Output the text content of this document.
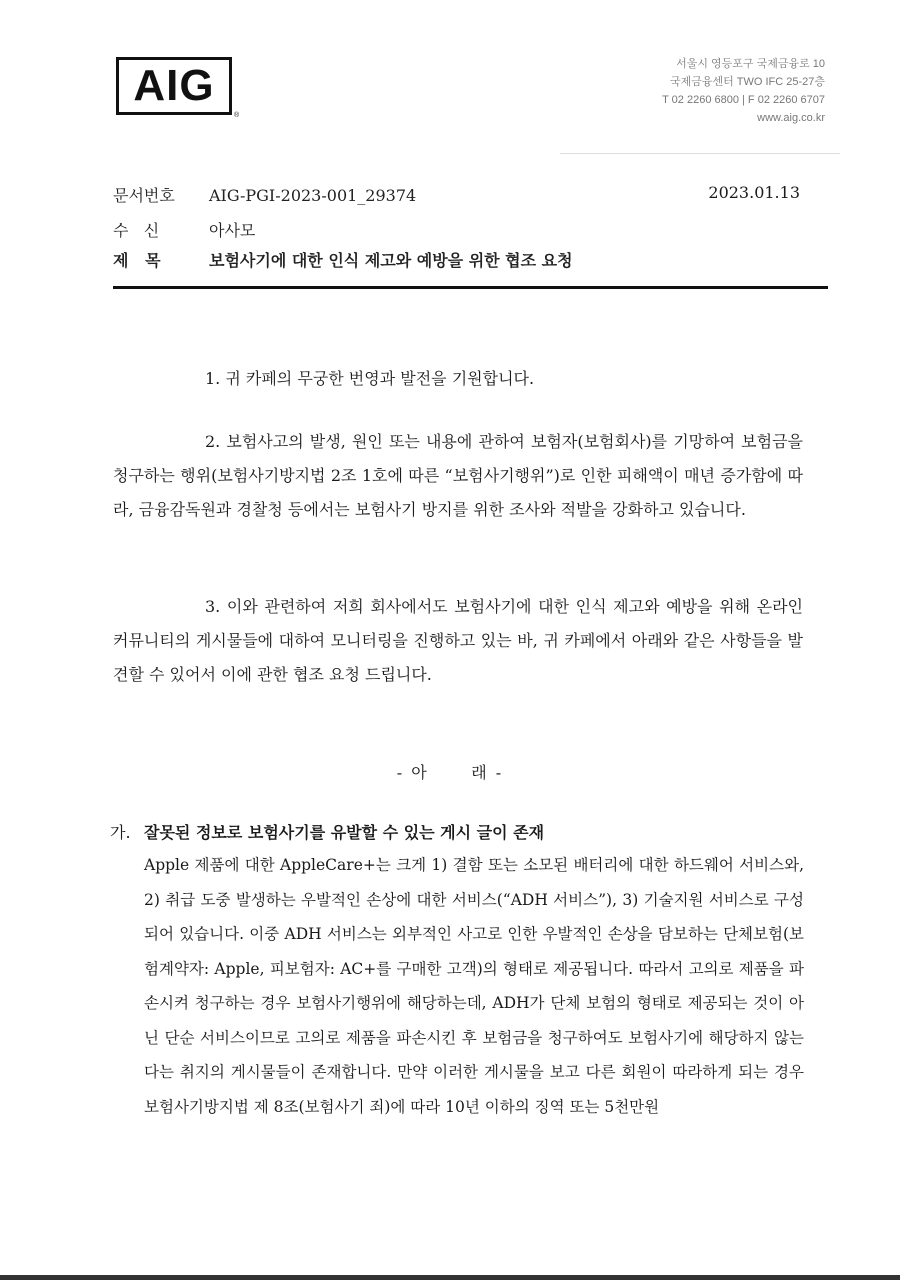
AIG
®
서울시 영등포구 국제금융로 10
국제금융센터 TWO IFC 25-27층
T 02 2260 6800 | F 02 2260 6707
www.aig.co.kr
문서번호 AIG-PGI-2023-001_29374	2023.01.13
수   신	아사모
제   목	보험사기에 대한 인식 제고와 예방을 위한 협조 요청
1. 귀 카페의 무궁한 번영과 발전을 기원합니다.
2. 보험사고의 발생, 원인 또는 내용에 관하여 보험자(보험회사)를 기망하여 보험금을 청구하는 행위(보험사기방지법 2조 1호에 따른 “보험사기행위”)로 인한 피해액이 매년 증가함에 따라, 금융감독원과 경찰청 등에서는 보험사기 방지를 위한 조사와 적발을 강화하고 있습니다.
3. 이와 관련하여 저희 회사에서도 보험사기에 대한 인식 제고와 예방을 위해 온라인 커뮤니티의 게시물들에 대하여 모니터링을 진행하고 있는 바, 귀 카페에서 아래와 같은 사항들을 발견할 수 있어서 이에 관한 협조 요청 드립니다.
- 아      래 -
가. 잘못된 정보로 보험사기를 유발할 수 있는 게시 글이 존재
Apple 제품에 대한 AppleCare+는 크게 1) 결함 또는 소모된 배터리에 대한 하드웨어 서비스와, 2) 취급 도중 발생하는 우발적인 손상에 대한 서비스(“ADH 서비스”), 3) 기술지원 서비스로 구성되어 있습니다. 이중 ADH 서비스는 외부적인 사고로 인한 우발적인 손상을 담보하는 단체보험(보험계약자: Apple, 피보험자: AC+를 구매한 고객)의 형태로 제공됩니다. 따라서 고의로 제품을 파손시켜 청구하는 경우 보험사기행위에 해당하는데, ADH가 단체 보험의 형태로 제공되는 것이 아닌 단순 서비스이므로 고의로 제품을 파손시킨 후 보험금을 청구하여도 보험사기에 해당하지 않는다는 취지의 게시물들이 존재합니다. 만약 이러한 게시물을 보고 다른 회원이 따라하게 되는 경우 보험사기방지법 제 8조(보험사기 죄)에 따라 10년 이하의 징역 또는 5천만원
